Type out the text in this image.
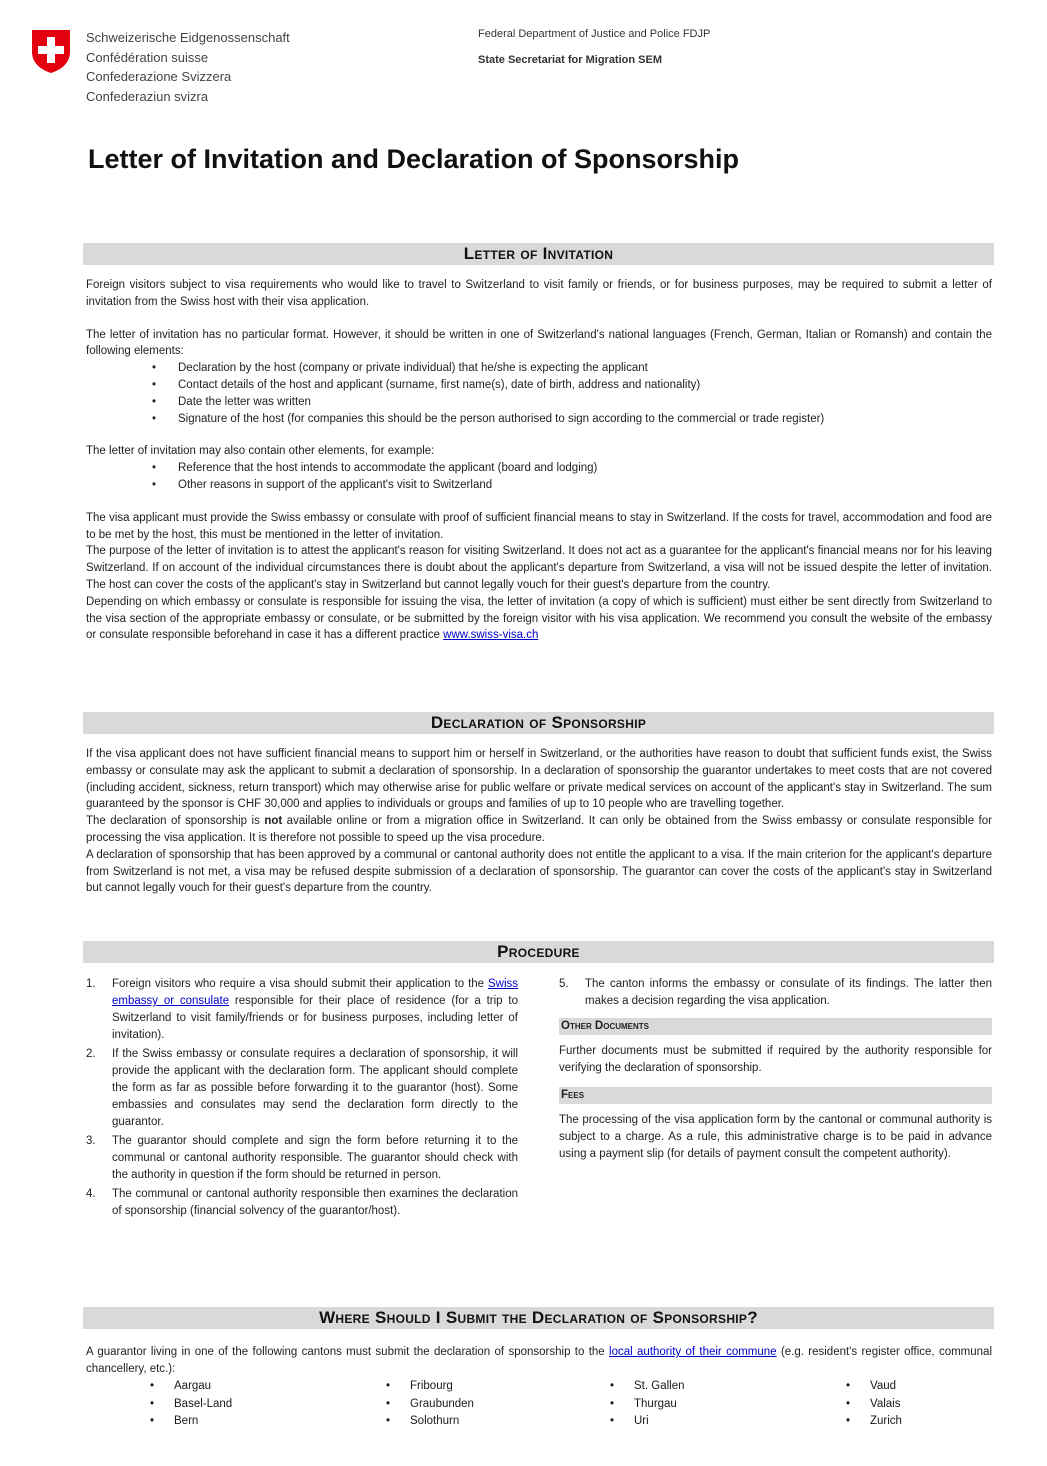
Schweizerische Eidgenossenschaft
Confédération suisse
Confederazione Svizzera
Confederaziun svizra
Federal Department of Justice and Police FDJP
State Secretariat for Migration SEM
Letter of Invitation and Declaration of Sponsorship
Letter of Invitation

Foreign visitors subject to visa requirements who would like to travel to Switzerland to visit family or friends, or for business purposes, may be required to submit a letter of invitation from the Swiss host with their visa application.

The letter of invitation has no particular format. However, it should be written in one of Switzerland's national languages (French, German, Italian or Romansh) and contain the following elements:

• Declaration by the host (company or private individual) that he/she is expecting the applicant
• Contact details of the host and applicant (surname, first name(s), date of birth, address and nationality)
• Date the letter was written
• Signature of the host (for companies this should be the person authorised to sign according to the commercial or trade register)

The letter of invitation may also contain other elements, for example:

• Reference that the host intends to accommodate the applicant (board and lodging)
• Other reasons in support of the applicant's visit to Switzerland

The visa applicant must provide the Swiss embassy or consulate with proof of sufficient financial means to stay in Switzerland. If the costs for travel, accommodation and food are to be met by the host, this must be mentioned in the letter of invitation.

The purpose of the letter of invitation is to attest the applicant's reason for visiting Switzerland. It does not act as a guarantee for the applicant's financial means nor for his leaving Switzerland. If on account of the individual circumstances there is doubt about the applicant's departure from Switzerland, a visa will not be issued despite the letter of invitation. The host can cover the costs of the applicant's stay in Switzerland but cannot legally vouch for their guest's departure from the country.

Depending on which embassy or consulate is responsible for issuing the visa, the letter of invitation (a copy of which is sufficient) must either be sent directly from Switzerland to the visa section of the appropriate embassy or consulate, or be submitted by the foreign visitor with his visa application. We recommend you consult the website of the embassy or consulate responsible beforehand in case it has a different practice www.swiss-visa.ch

Declaration of Sponsorship

If the visa applicant does not have sufficient financial means to support him or herself in Switzerland, or the authorities have reason to doubt that sufficient funds exist, the Swiss embassy or consulate may ask the applicant to submit a declaration of sponsorship. In a declaration of sponsorship the guarantor undertakes to meet costs that are not covered (including accident, sickness, return transport) which may otherwise arise for public welfare or private medical services on account of the applicant's stay in Switzerland. The sum guaranteed by the sponsor is CHF 30,000 and applies to individuals or groups and families of up to 10 people who are travelling together.

The declaration of sponsorship is not available online or from a migration office in Switzerland. It can only be obtained from the Swiss embassy or consulate responsible for processing the visa application. It is therefore not possible to speed up the visa procedure.

A declaration of sponsorship that has been approved by a communal or cantonal authority does not entitle the applicant to a visa. If the main criterion for the applicant's departure from Switzerland is not met, a visa may be refused despite submission of a declaration of sponsorship. The guarantor can cover the costs of the applicant's stay in Switzerland but cannot legally vouch for their guest's departure from the country.

Procedure
1. Foreign visitors who require a visa should submit their application to the Swiss embassy or consulate responsible for their place of residence (for a trip to Switzerland to visit family/friends or for business purposes, including letter of invitation).
2. If the Swiss embassy or consulate requires a declaration of sponsorship, it will provide the applicant with the declaration form. The applicant should complete the form as far as possible before forwarding it to the guarantor (host). Some embassies and consulates may send the declaration form directly to the guarantor.
3. The guarantor should complete and sign the form before returning it to the communal or cantonal authority responsible. The guarantor should check with the authority in question if the form should be returned in person.
4. The communal or cantonal authority responsible then examines the declaration of sponsorship (financial solvency of the guarantor/host).
5. The canton informs the embassy or consulate of its findings. The latter then makes a decision regarding the visa application.
Other Documents

Further documents must be submitted if required by the authority responsible for verifying the declaration of sponsorship.

Fees

The processing of the visa application form by the cantonal or communal authority is subject to a charge. As a rule, this administrative charge is to be paid in advance using a payment slip (for details of payment consult the competent authority).

Where Should I Submit the Declaration of Sponsorship?
A guarantor living in one of the following cantons must submit the declaration of sponsorship to the local authority of their commune (e.g. resident's register office, communal chancellery, etc.):
• Aargau
• Basel-Land
• Bern
• Fribourg
• Graubunden
• Solothurn
• St. Gallen
• Thurgau
• Uri
• Vaud
• Valais
• Zurich
